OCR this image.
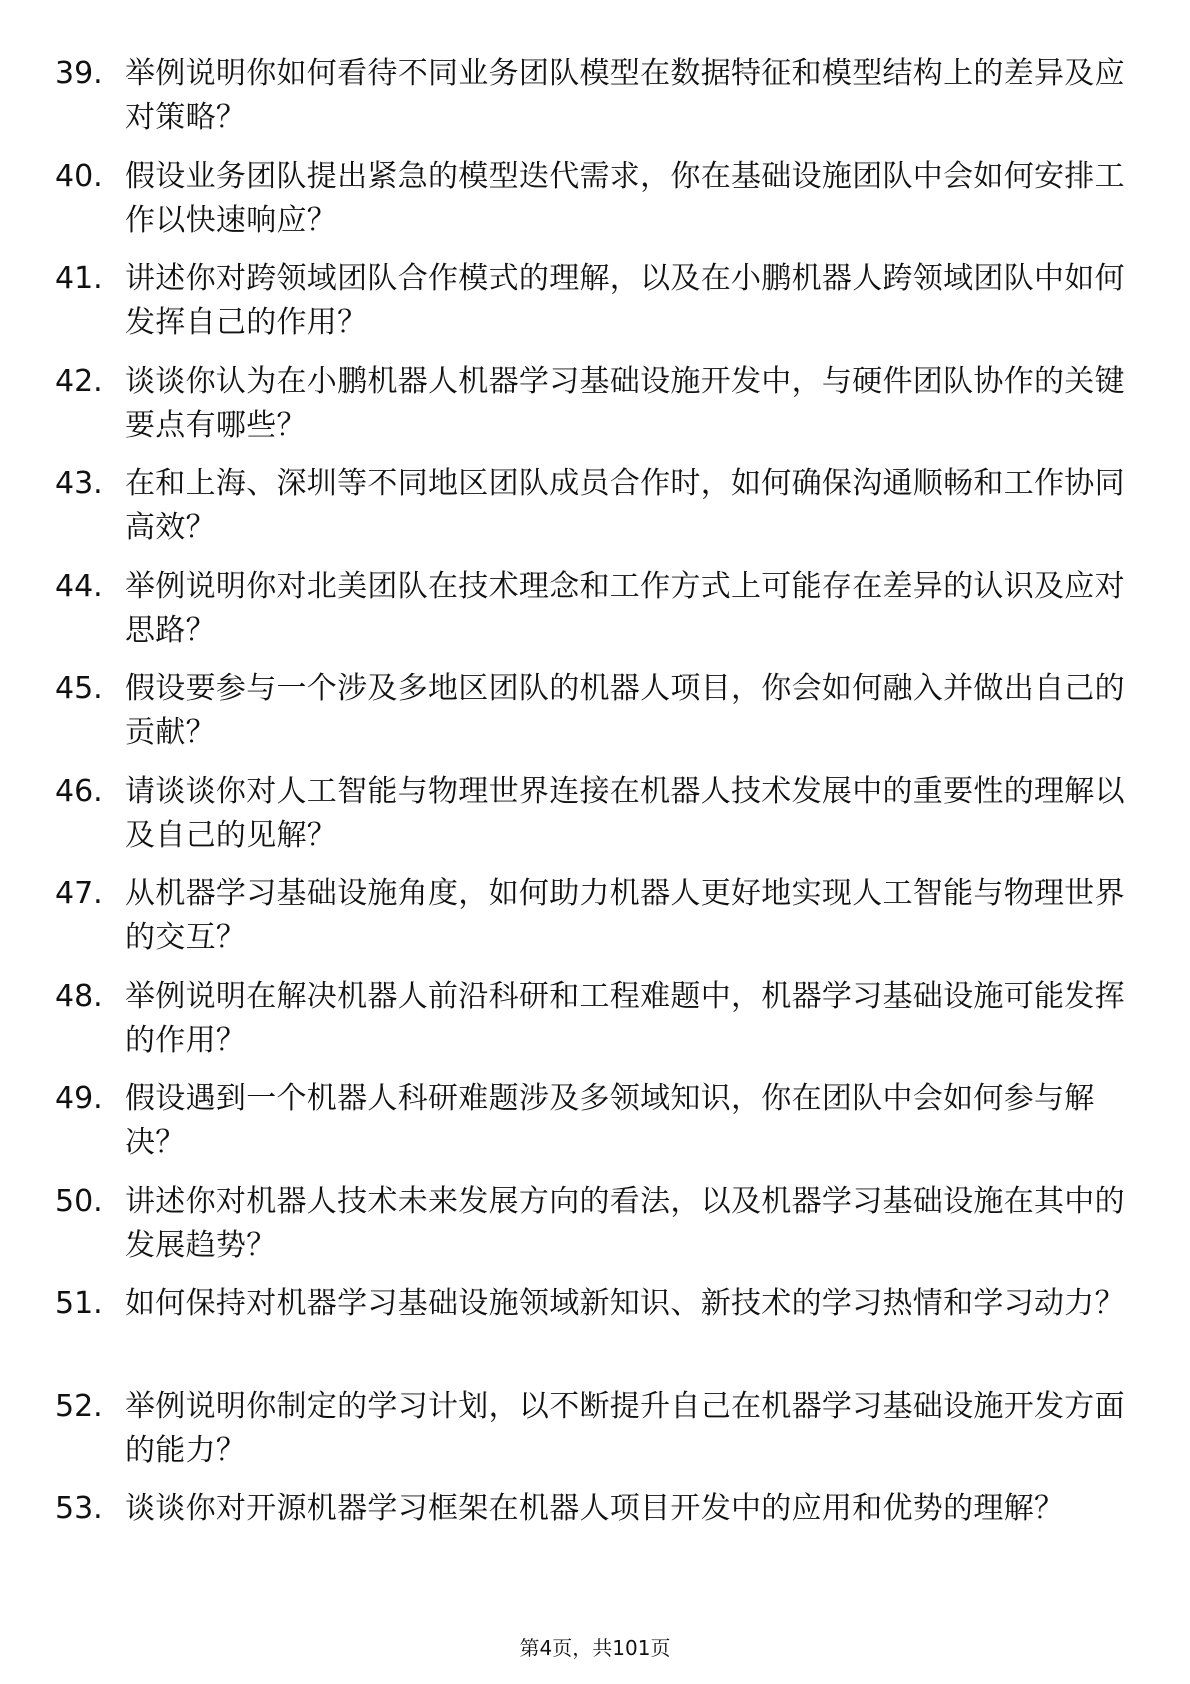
39. 举例说明你如何看待不同业务团队模型在数据特征和模型结构上的差异及应对策略？
40. 假设业务团队提出紧急的模型迭代需求，你在基础设施团队中会如何安排工作以快速响应？
41. 讲述你对跨领域团队合作模式的理解，以及在小鹏机器人跨领域团队中如何发挥自己的作用？
42. 谈谈你认为在小鹏机器人机器学习基础设施开发中，与硬件团队协作的关键要点有哪些？
43. 在和上海、深圳等不同地区团队成员合作时，如何确保沟通顺畅和工作协同高效？
44. 举例说明你对北美团队在技术理念和工作方式上可能存在差异的认识及应对思路？
45. 假设要参与一个涉及多地区团队的机器人项目，你会如何融入并做出自己的贡献？
46. 请谈谈你对人工智能与物理世界连接在机器人技术发展中的重要性的理解以及自己的见解？
47. 从机器学习基础设施角度，如何助力机器人更好地实现人工智能与物理世界的交互？
48. 举例说明在解决机器人前沿科研和工程难题中，机器学习基础设施可能发挥的作用？
49. 假设遇到一个机器人科研难题涉及多领域知识，你在团队中会如何参与解决？
50. 讲述你对机器人技术未来发展方向的看法，以及机器学习基础设施在其中的发展趋势？
51. 如何保持对机器学习基础设施领域新知识、新技术的学习热情和学习动力？
52. 举例说明你制定的学习计划，以不断提升自己在机器学习基础设施开发方面的能力？
53. 谈谈你对开源机器学习框架在机器人项目开发中的应用和优势的理解？
第4页，共101页
